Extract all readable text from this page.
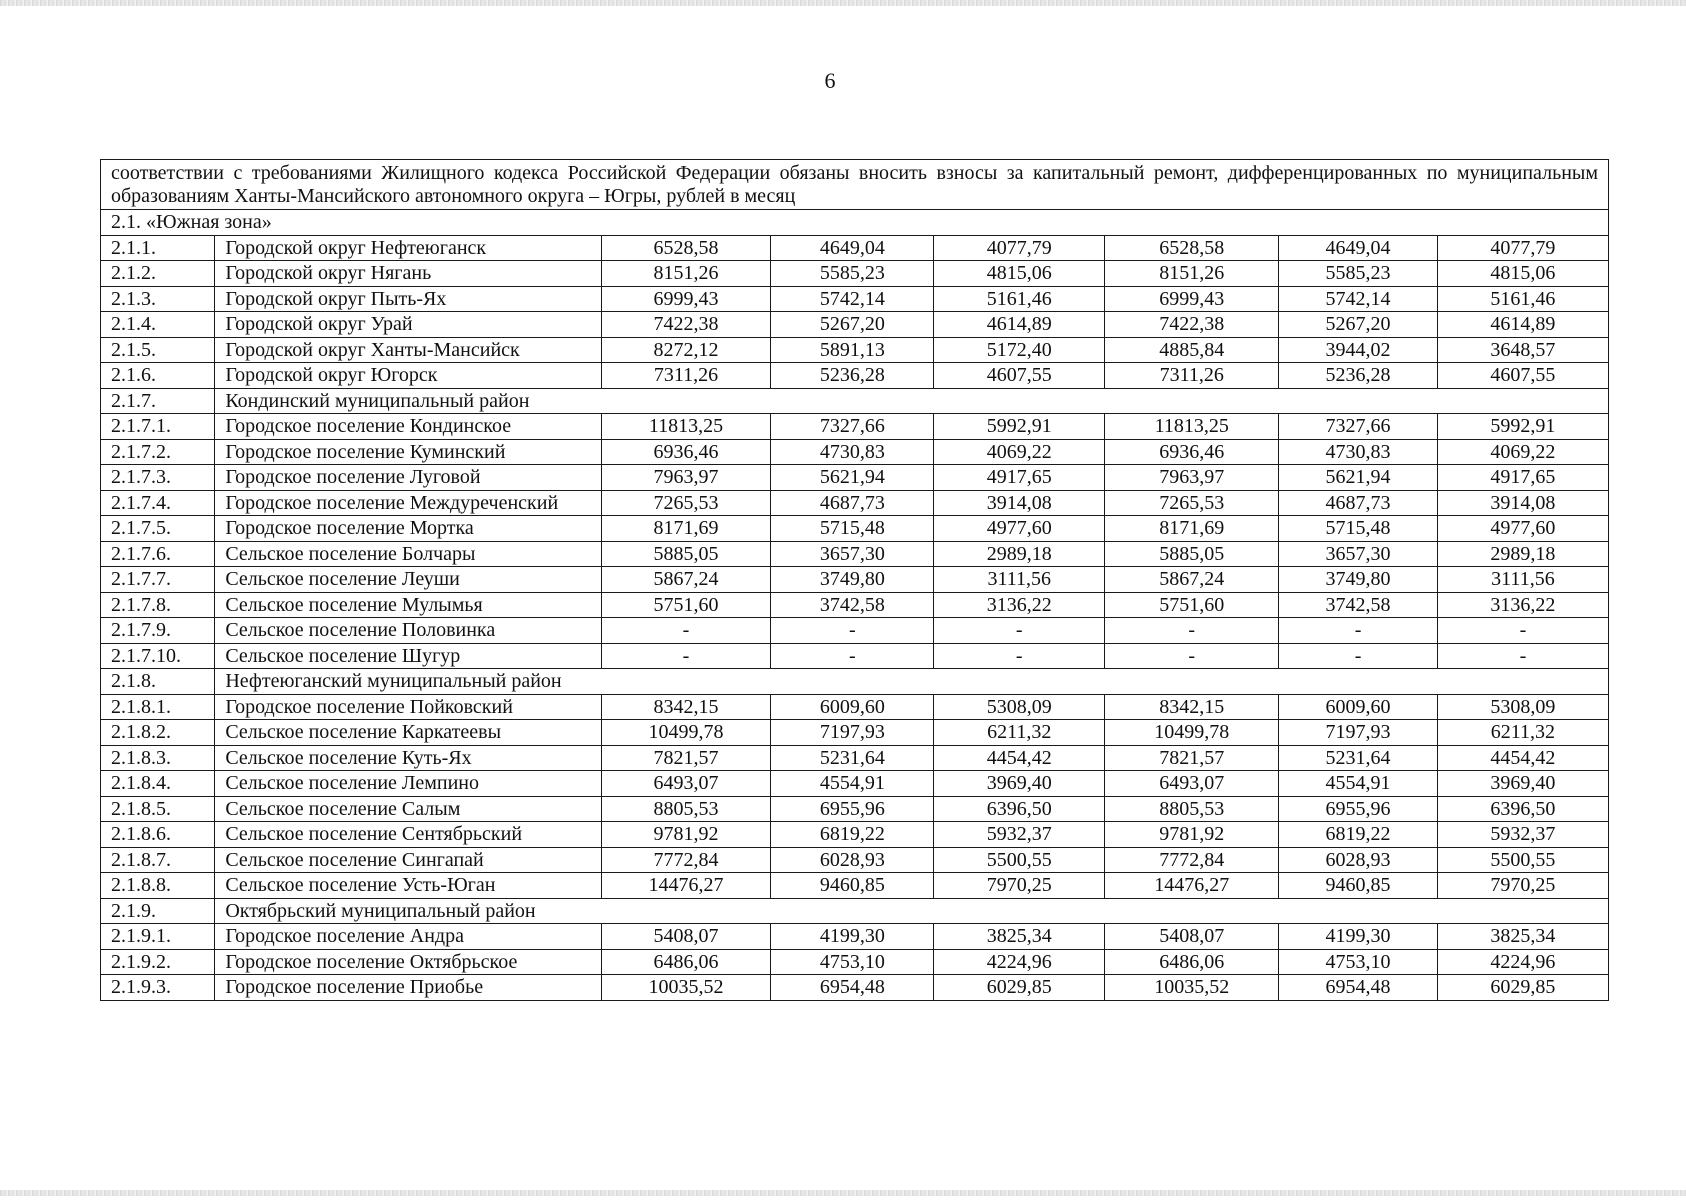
6
соответствии с требованиями Жилищного кодекса Российской Федерации обязаны вносить взносы за капитальный ремонт, дифференцированных по муниципальным образованиям Ханты-Мансийского автономного округа – Югры, рублей в месяц							
2.1. «Южная зона»							
2.1.1.	Городской округ Нефтеюганск	6528,58	4649,04	4077,79	6528,58	4649,04	4077,79
2.1.2.	Городской округ Нягань	8151,26	5585,23	4815,06	8151,26	5585,23	4815,06
2.1.3.	Городской округ Пыть-Ях	6999,43	5742,14	5161,46	6999,43	5742,14	5161,46
2.1.4.	Городской округ Урай	7422,38	5267,20	4614,89	7422,38	5267,20	4614,89
2.1.5.	Городской округ Ханты-Мансийск	8272,12	5891,13	5172,40	4885,84	3944,02	3648,57
2.1.6.	Городской округ Югорск	7311,26	5236,28	4607,55	7311,26	5236,28	4607,55
2.1.7.	Кондинский муниципальный район						
2.1.7.1.	Городское поселение Кондинское	11813,25	7327,66	5992,91	11813,25	7327,66	5992,91
2.1.7.2.	Городское поселение Куминский	6936,46	4730,83	4069,22	6936,46	4730,83	4069,22
2.1.7.3.	Городское поселение Луговой	7963,97	5621,94	4917,65	7963,97	5621,94	4917,65
2.1.7.4.	Городское поселение Междуреченский	7265,53	4687,73	3914,08	7265,53	4687,73	3914,08
2.1.7.5.	Городское поселение Мортка	8171,69	5715,48	4977,60	8171,69	5715,48	4977,60
2.1.7.6.	Сельское поселение Болчары	5885,05	3657,30	2989,18	5885,05	3657,30	2989,18
2.1.7.7.	Сельское поселение Леуши	5867,24	3749,80	3111,56	5867,24	3749,80	3111,56
2.1.7.8.	Сельское поселение Мулымья	5751,60	3742,58	3136,22	5751,60	3742,58	3136,22
2.1.7.9.	Сельское поселение Половинка	-	-	-	-	-	-
2.1.7.10.	Сельское поселение Шугур	-	-	-	-	-	-
2.1.8.	Нефтеюганский муниципальный район						
2.1.8.1.	Городское поселение Пойковский	8342,15	6009,60	5308,09	8342,15	6009,60	5308,09
2.1.8.2.	Сельское поселение Каркатеевы	10499,78	7197,93	6211,32	10499,78	7197,93	6211,32
2.1.8.3.	Сельское поселение Куть-Ях	7821,57	5231,64	4454,42	7821,57	5231,64	4454,42
2.1.8.4.	Сельское поселение Лемпино	6493,07	4554,91	3969,40	6493,07	4554,91	3969,40
2.1.8.5.	Сельское поселение Салым	8805,53	6955,96	6396,50	8805,53	6955,96	6396,50
2.1.8.6.	Сельское поселение Сентябрьский	9781,92	6819,22	5932,37	9781,92	6819,22	5932,37
2.1.8.7.	Сельское поселение Сингапай	7772,84	6028,93	5500,55	7772,84	6028,93	5500,55
2.1.8.8.	Сельское поселение Усть-Юган	14476,27	9460,85	7970,25	14476,27	9460,85	7970,25
2.1.9.	Октябрьский муниципальный район						
2.1.9.1.	Городское поселение Андра	5408,07	4199,30	3825,34	5408,07	4199,30	3825,34
2.1.9.2.	Городское поселение Октябрьское	6486,06	4753,10	4224,96	6486,06	4753,10	4224,96
2.1.9.3.	Городское поселение Приобье	10035,52	6954,48	6029,85	10035,52	6954,48	6029,85
